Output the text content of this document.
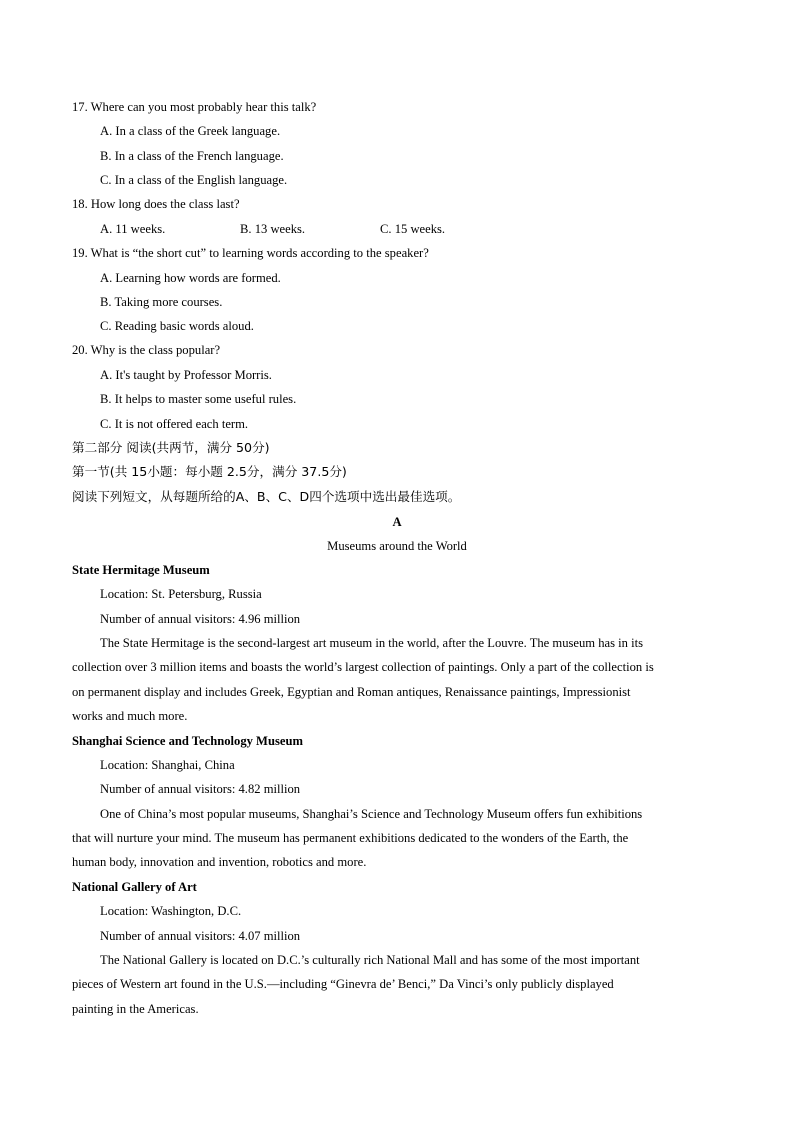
17. Where can you most probably hear this talk?
A. In a class of the Greek language.
B. In a class of the French language.
C. In a class of the English language.
18. How long does the class last?
A. 11 weeks.	B. 13 weeks.	C. 15 weeks.
19. What is “the short cut” to learning words according to the speaker?
A. Learning how words are formed.
B. Taking more courses.
C. Reading basic words aloud.
20. Why is the class popular?
A. It's taught by Professor Morris.
B. It helps to master some useful rules.
C. It is not offered each term.
第二部分 阅读(共两节，满分 50分)
第一节(共 15小题：每小题 2.5分，满分 37.5分)
阅读下列短文，从每题所给的A、B、C、D四个选项中选出最佳选项。
A
Museums around the World
State Hermitage Museum
Location: St. Petersburg, Russia
Number of annual visitors: 4.96 million
The State Hermitage is the second-largest art museum in the world, after the Louvre. The museum has in its
collection over 3 million items and boasts the world’s largest collection of paintings. Only a part of the collection is
on permanent display and includes Greek, Egyptian and Roman antiques, Renaissance paintings, Impressionist
works and much more.
Shanghai Science and Technology Museum
Location: Shanghai, China
Number of annual visitors: 4.82 million
One of China’s most popular museums, Shanghai’s Science and Technology Museum offers fun exhibitions
that will nurture your mind. The museum has permanent exhibitions dedicated to the wonders of the Earth, the
human body, innovation and invention, robotics and more.
National Gallery of Art
Location: Washington, D.C.
Number of annual visitors: 4.07 million
The National Gallery is located on D.C.’s culturally rich National Mall and has some of the most important
pieces of Western art found in the U.S.—including “Ginevra de’ Benci,” Da Vinci’s only publicly displayed
painting in the Americas.
